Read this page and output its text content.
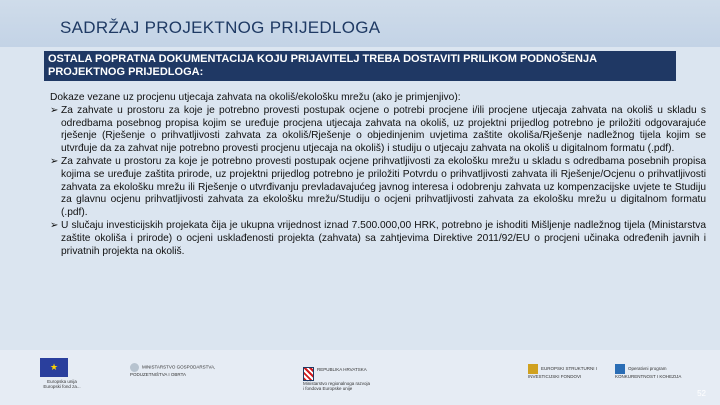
SADRŽAJ PROJEKTNOG PRIJEDLOGA
OSTALA POPRATNA DOKUMENTACIJA KOJU PRIJAVITELJ TREBA DOSTAVITI PRILIKOM PODNOŠENJA PROJEKTNOG PRIJEDLOGA:

Dokaze vezane uz procjenu utjecaja zahvata na okoliš/ekološku mrežu (ako je primjenjivo):

➢ Za zahvate u prostoru za koje je potrebno provesti postupak ocjene o potrebi procjene i/ili procjene utjecaja zahvata na okoliš u skladu s odredbama posebnog propisa kojim se uređuje procjena utjecaja zahvata na okoliš, uz projektni prijedlog potrebno je priložiti odgovarajuće rješenje (Rješenje o prihvatljivosti zahvata za okoliš/Rješenje o objedinjenim uvjetima zaštite okoliša/Rješenje nadležnog tijela kojim se utvrđuje da za zahvat nije potrebno provesti procjenu utjecaja na okoliš) i studiju o utjecaju zahvata na okoliš u digitalnom formatu (.pdf).
➢ Za zahvate u prostoru za koje je potrebno provesti postupak ocjene prihvatljivosti za ekološku mrežu u skladu s odredbama posebnih propisa kojima se uređuje zaštita prirode, uz projektni prijedlog potrebno je priložiti Potvrdu o prihvatljivosti zahvata ili Rješenje/Ocjenu o prihvatljivosti zahvata za ekološku mrežu ili Rješenje o utvrđivanju prevladavajućeg javnog interesa i odobrenju zahvata uz kompenzacijske uvjete te Studiju za glavnu ocjenu prihvatljivosti zahvata za ekološku mrežu/Studiju o ocjeni prihvatljivosti zahvata za ekološku mrežu u digitalnom formatu (.pdf).
➢ U slučaju investicijskih projekata čija je ukupna vrijednost iznad 7.500.000,00 HRK, potrebno je ishoditi Mišljenje nadležnog tijela (Ministarstva zaštite okoliša i prirode) o ocjeni usklađenosti projekta (zahvata) sa zahtjevima Direktive 2011/92/EU o procjeni učinaka određenih javnih i privatnih projekta na okoliš.
★
Europska unija
Europski fond za...
MINISTARSTVO GOSPODARSTVA, PODUZETNIŠTVA I OBRTA

REPUBLIKA HRVATSKA
Ministarstvo regionalnoga razvoja
i fondova Europske unije

EUROPSKI STRUKTURNI I INVESTICIJSKI FONDOVI
Operativni program KONKURENTNOST I KOHEZIJA
52
